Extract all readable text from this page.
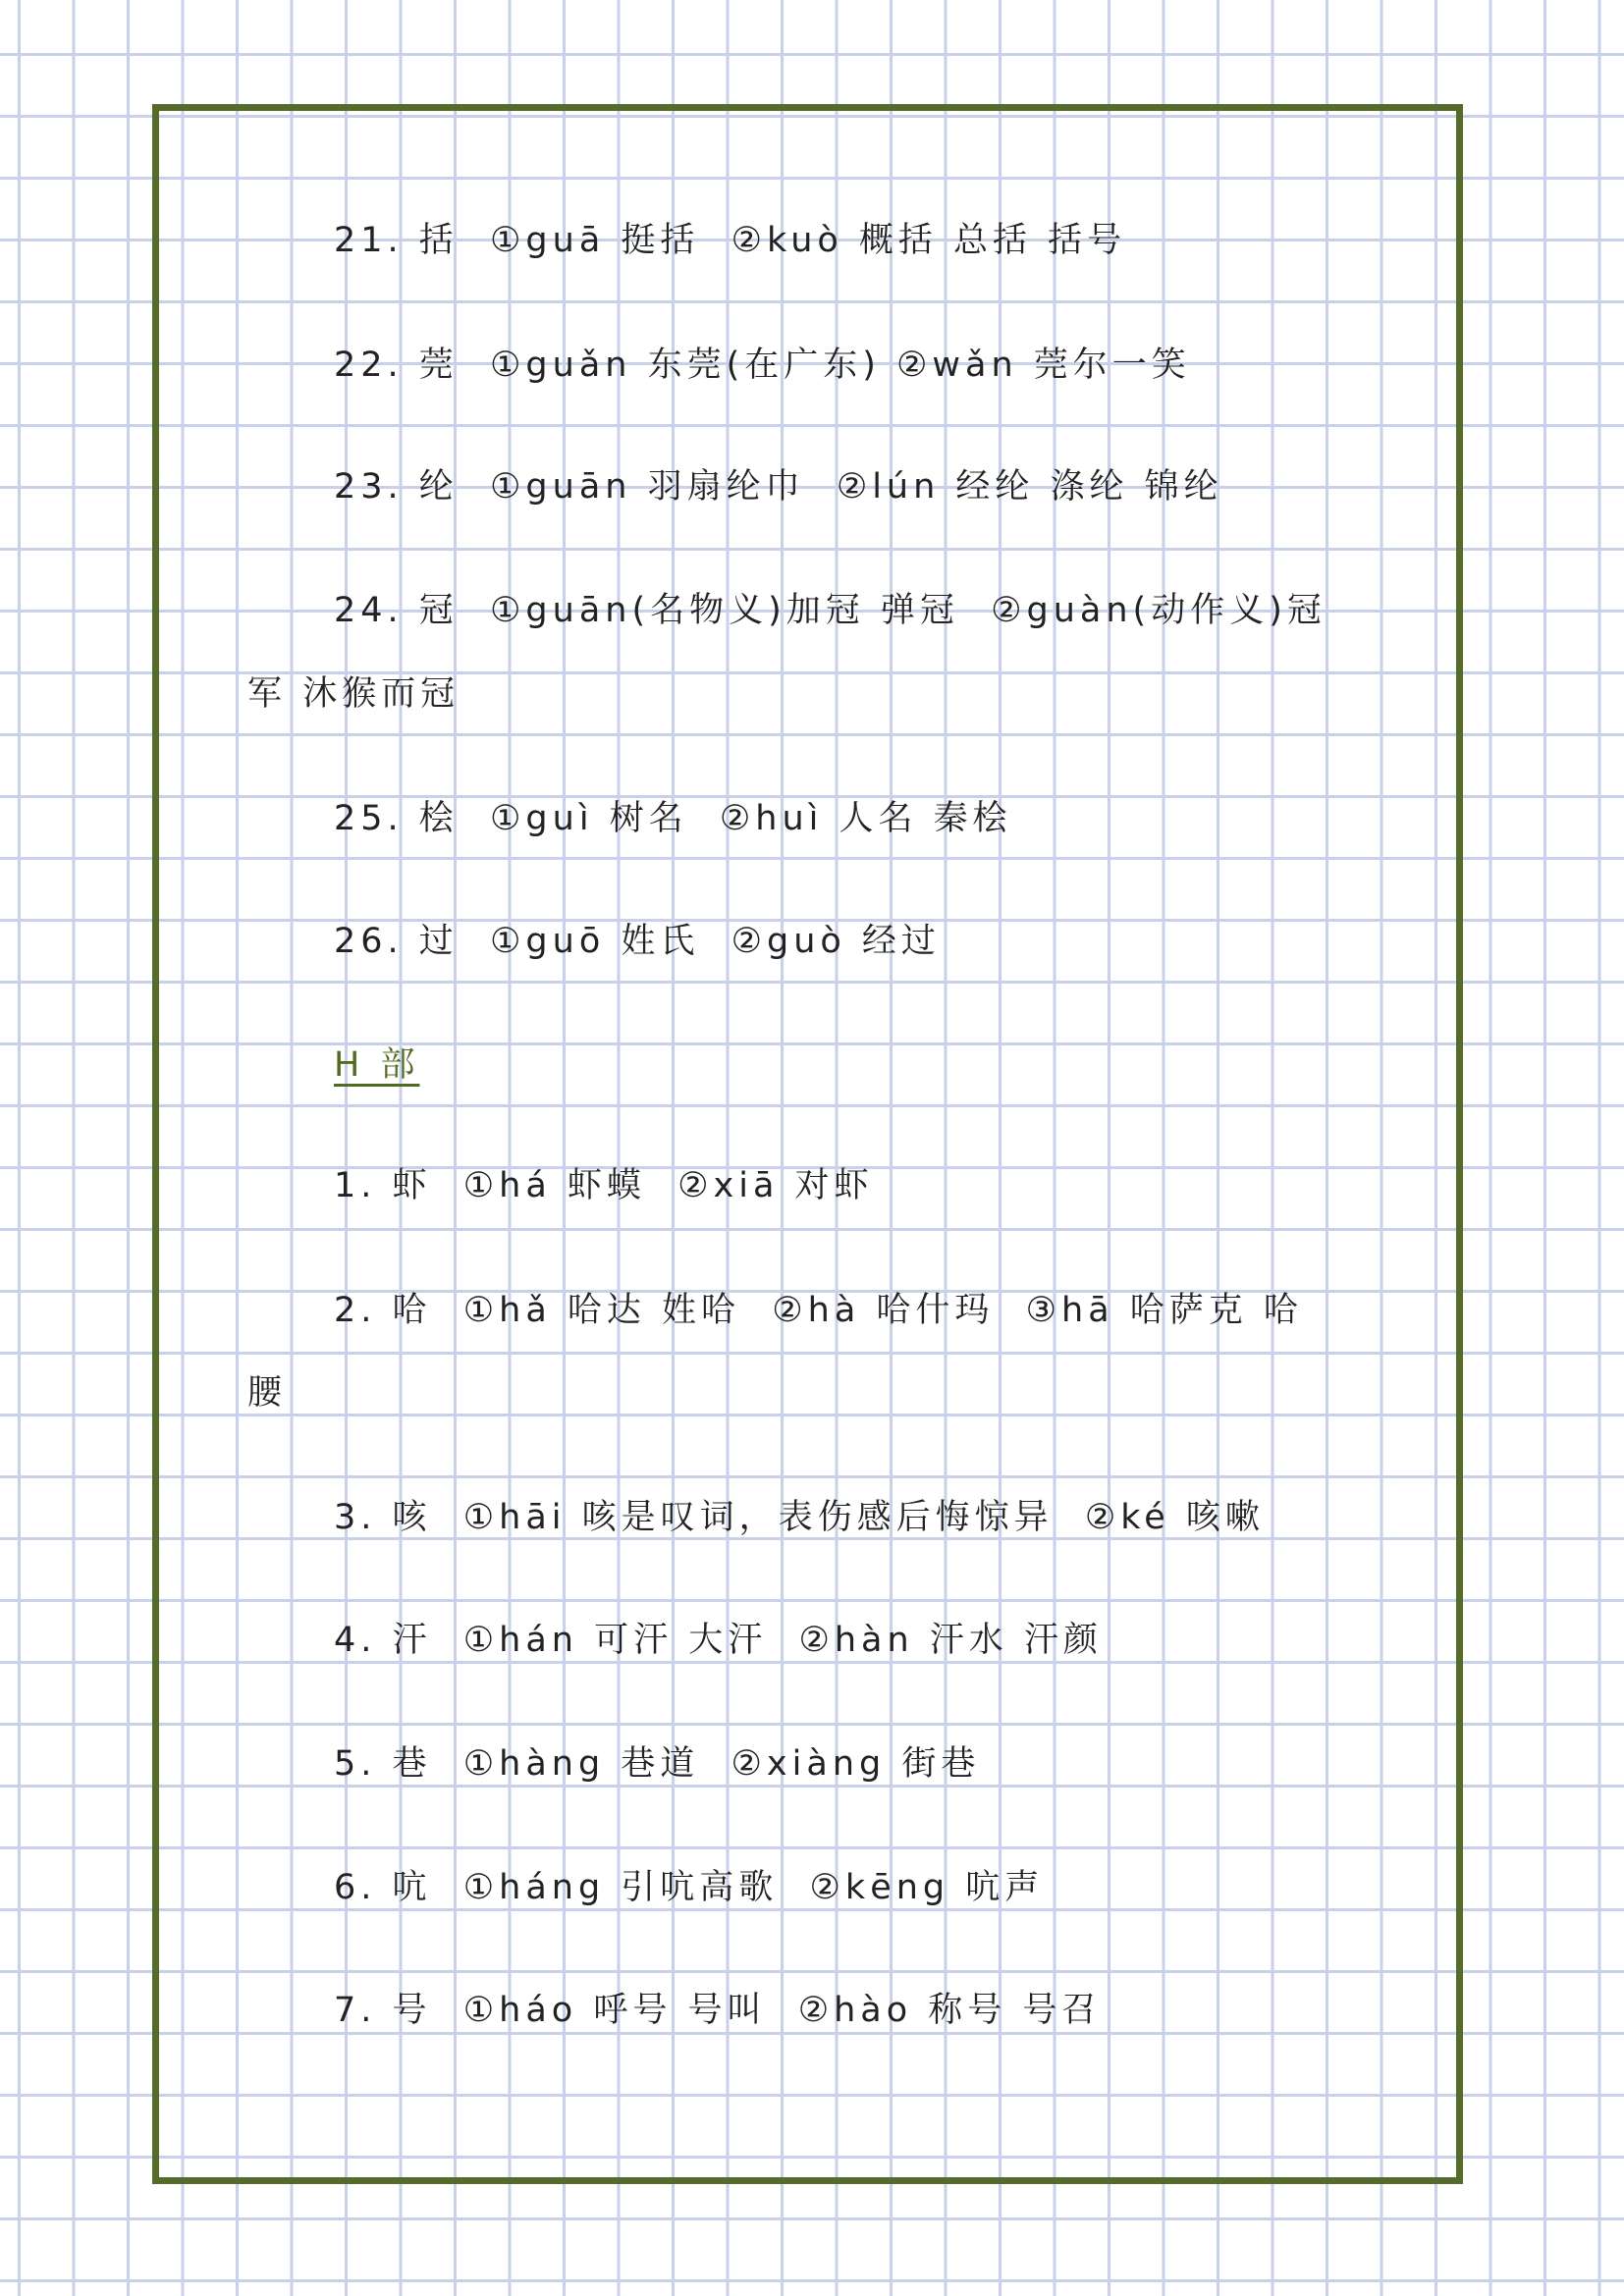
21. 括  ①guā 挺括  ②kuò 概括 总括 括号
22. 莞  ①guǎn 东莞(在广东) ②wǎn 莞尔一笑
23. 纶  ①guān 羽扇纶巾  ②lún 经纶 涤纶 锦纶
24. 冠  ①guān(名物义)加冠 弹冠  ②guàn(动作义)冠
军 沐猴而冠
25. 桧  ①guì 树名  ②huì 人名 秦桧
26. 过  ①guō 姓氏  ②guò 经过
H 部
1. 虾  ①há 虾蟆  ②xiā 对虾
2. 哈  ①hǎ 哈达 姓哈  ②hà 哈什玛  ③hā 哈萨克 哈
腰
3. 咳  ①hāi 咳是叹词，表伤感后悔惊异  ②ké 咳嗽
4. 汗  ①hán 可汗 大汗  ②hàn 汗水 汗颜
5. 巷  ①hàng 巷道  ②xiàng 街巷
6. 吭  ①háng 引吭高歌  ②kēng 吭声
7. 号  ①háo 呼号 号叫  ②hào 称号 号召
